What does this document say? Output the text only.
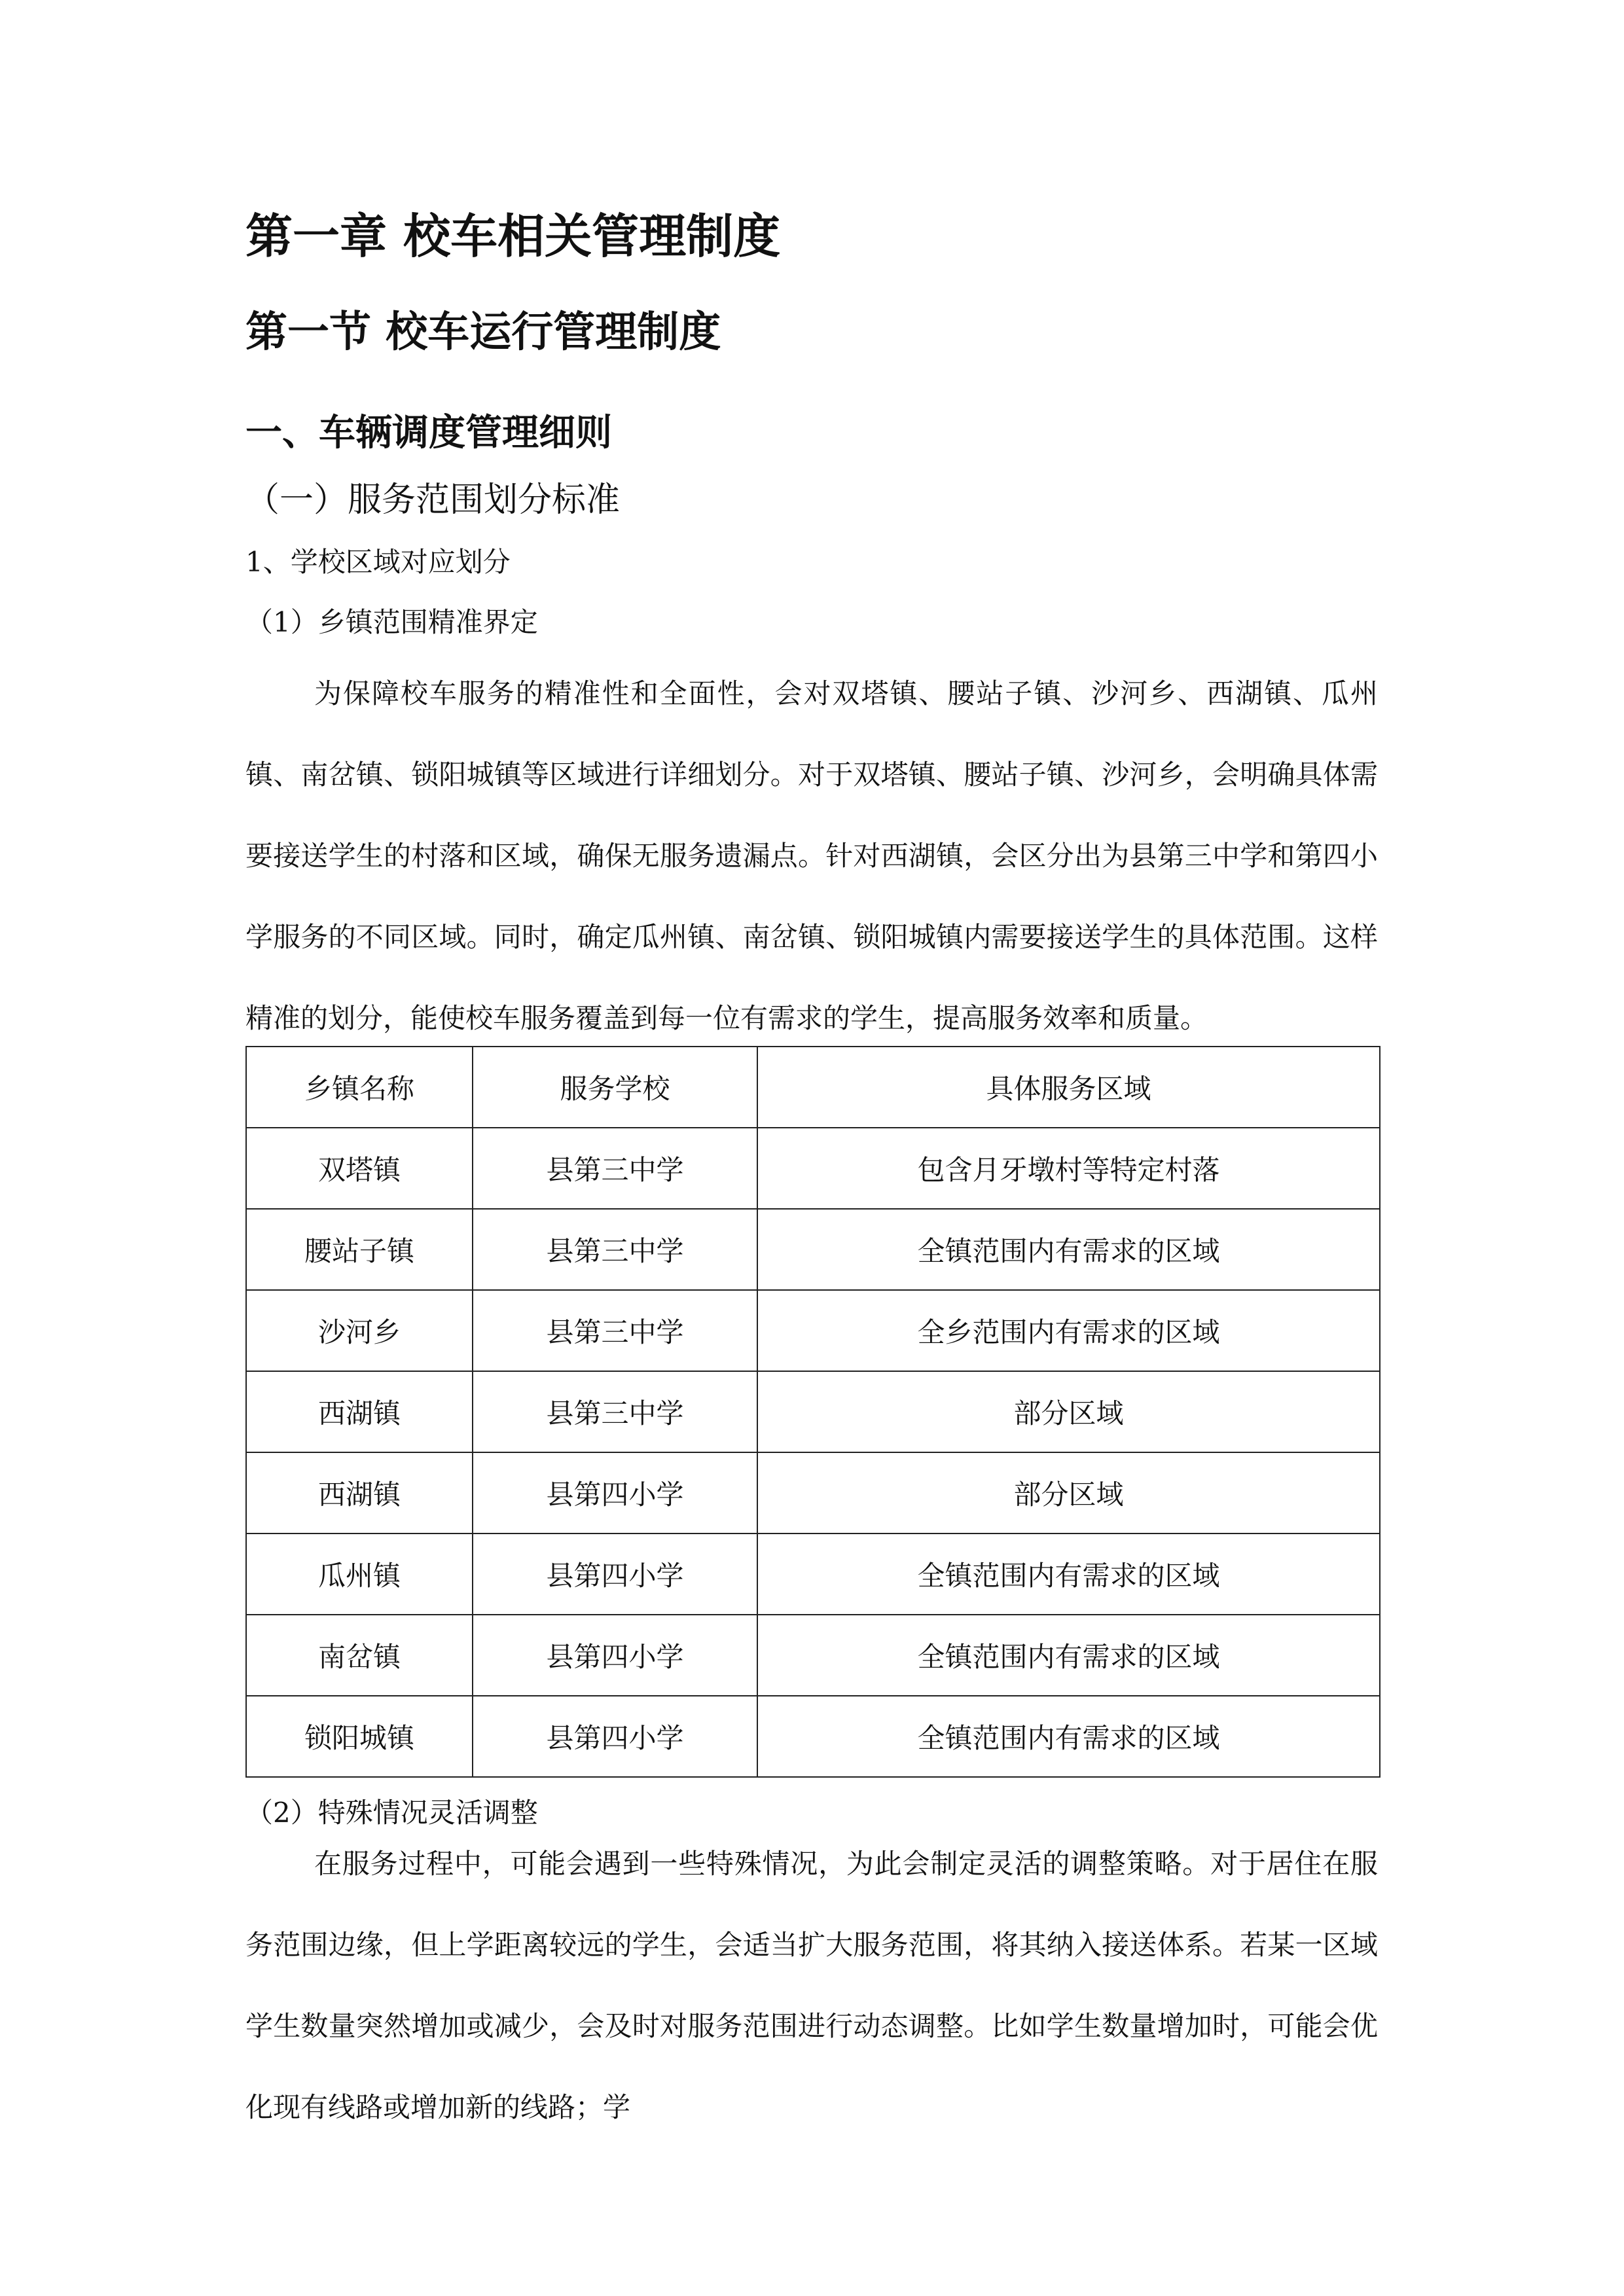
第一章 校车相关管理制度
第一节 校车运行管理制度
一、车辆调度管理细则
（一）服务范围划分标准
1、学校区域对应划分
（1）乡镇范围精准界定

为保障校车服务的精准性和全面性，会对双塔镇、腰站子镇、沙河乡、西湖镇、瓜州镇、南岔镇、锁阳城镇等区域进行详细划分。对于双塔镇、腰站子镇、沙河乡，会明确具体需要接送学生的村落和区域，确保无服务遗漏点。针对西湖镇，会区分出为县第三中学和第四小学服务的不同区域。同时，确定瓜州镇、南岔镇、锁阳城镇内需要接送学生的具体范围。这样精准的划分，能使校车服务覆盖到每一位有需求的学生，提高服务效率和质量。

乡镇名称	服务学校	具体服务区域
双塔镇	县第三中学	包含月牙墩村等特定村落
腰站子镇	县第三中学	全镇范围内有需求的区域
沙河乡	县第三中学	全乡范围内有需求的区域
西湖镇	县第三中学	部分区域
西湖镇	县第四小学	部分区域
瓜州镇	县第四小学	全镇范围内有需求的区域
南岔镇	县第四小学	全镇范围内有需求的区域
锁阳城镇	县第四小学	全镇范围内有需求的区域
（2）特殊情况灵活调整

在服务过程中，可能会遇到一些特殊情况，为此会制定灵活的调整策略。对于居住在服务范围边缘，但上学距离较远的学生，会适当扩大服务范围，将其纳入接送体系。若某一区域学生数量突然增加或减少，会及时对服务范围进行动态调整。比如学生数量增加时，可能会优化现有线路或增加新的线路；学
